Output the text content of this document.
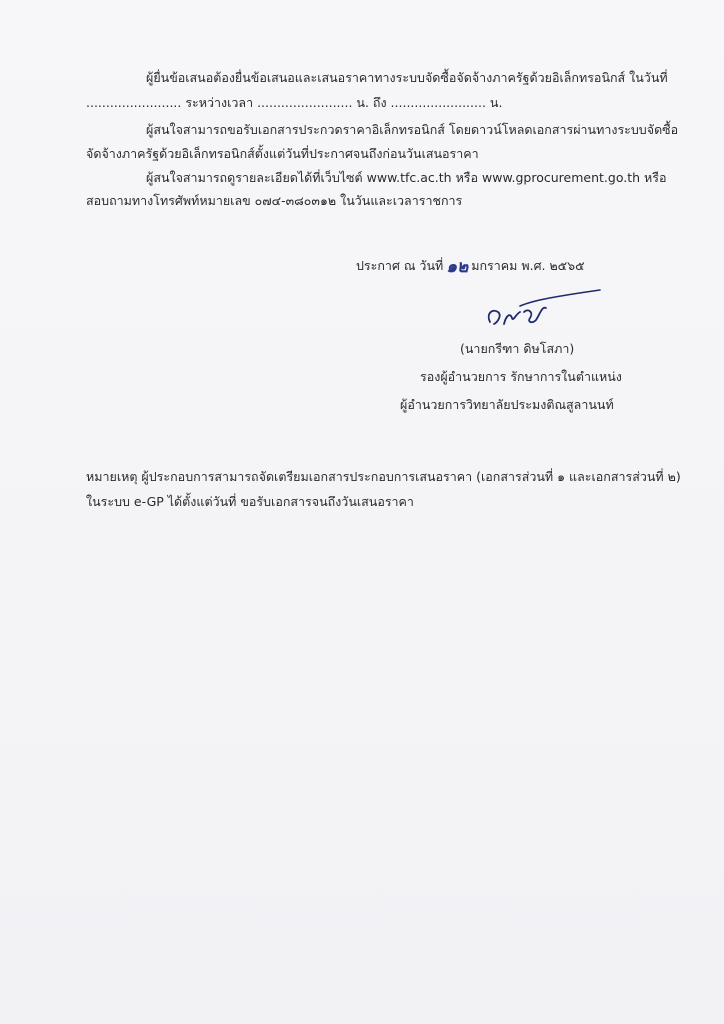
ผู้ยื่นข้อเสนอต้องยื่นข้อเสนอและเสนอราคาทางระบบจัดซื้อจัดจ้างภาครัฐด้วยอิเล็กทรอนิกส์ ในวันที่
........................ ระหว่างเวลา ........................ น. ถึง ........................ น.
ผู้สนใจสามารถขอรับเอกสารประกวดราคาอิเล็กทรอนิกส์ โดยดาวน์โหลดเอกสารผ่านทางระบบจัดซื้อ
จัดจ้างภาครัฐด้วยอิเล็กทรอนิกส์ตั้งแต่วันที่ประกาศจนถึงก่อนวันเสนอราคา
ผู้สนใจสามารถดูรายละเอียดได้ที่เว็บไซต์ www.tfc.ac.th หรือ www.gprocurement.go.th หรือ
สอบถามทางโทรศัพท์หมายเลข ๐๗๔-๓๘๐๓๑๒ ในวันและเวลาราชการ
ประกาศ ณ วันที่ ๑๒ มกราคม พ.ศ. ๒๕๖๕
(นายกรีฑา ดิษโสภา)
รองผู้อำนวยการ รักษาการในตำแหน่ง
ผู้อำนวยการวิทยาลัยประมงติณสูลานนท์
หมายเหตุ ผู้ประกอบการสามารถจัดเตรียมเอกสารประกอบการเสนอราคา (เอกสารส่วนที่ ๑ และเอกสารส่วนที่ ๒)
ในระบบ e-GP ได้ตั้งแต่วันที่ ขอรับเอกสารจนถึงวันเสนอราคา
